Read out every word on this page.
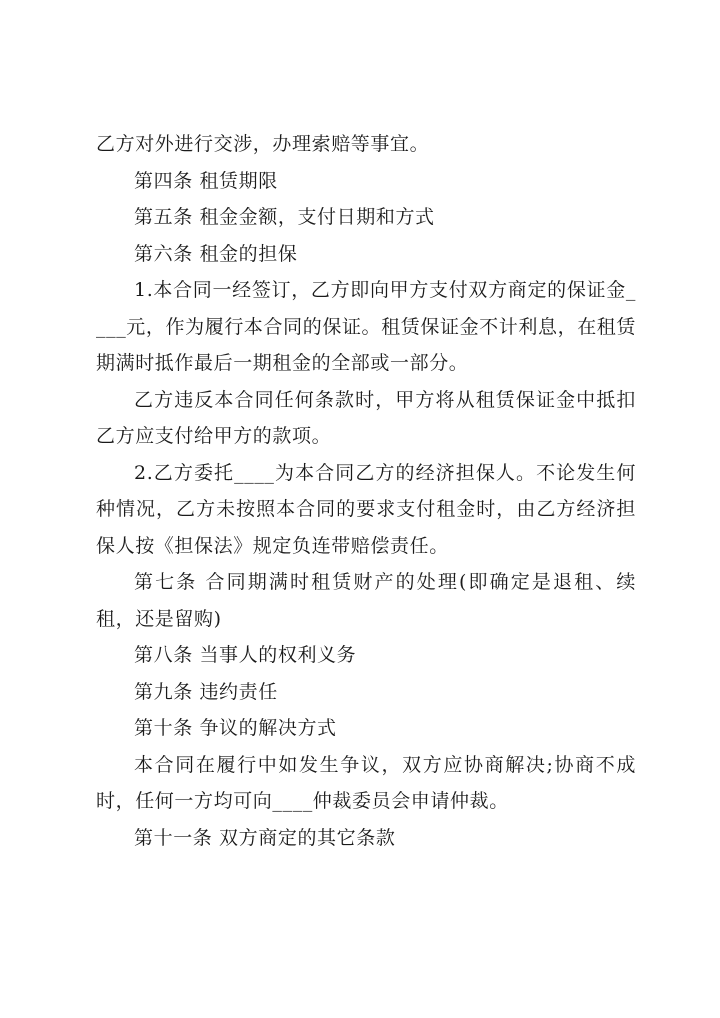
乙方对外进行交涉，办理索赔等事宜。

第四条 租赁期限

第五条 租金金额，支付日期和方式

第六条 租金的担保

1.本合同一经签订，乙方即向甲方支付双方商定的保证金____元，作为履行本合同的保证。租赁保证金不计利息，在租赁期满时抵作最后一期租金的全部或一部分。

乙方违反本合同任何条款时，甲方将从租赁保证金中抵扣乙方应支付给甲方的款项。

2.乙方委托____为本合同乙方的经济担保人。不论发生何种情况，乙方未按照本合同的要求支付租金时，由乙方经济担保人按《担保法》规定负连带赔偿责任。

第七条 合同期满时租赁财产的处理(即确定是退租、续租，还是留购)

第八条 当事人的权利义务

第九条 违约责任

第十条 争议的解决方式

本合同在履行中如发生争议，双方应协商解决;协商不成时，任何一方均可向____仲裁委员会申请仲裁。

第十一条 双方商定的其它条款
